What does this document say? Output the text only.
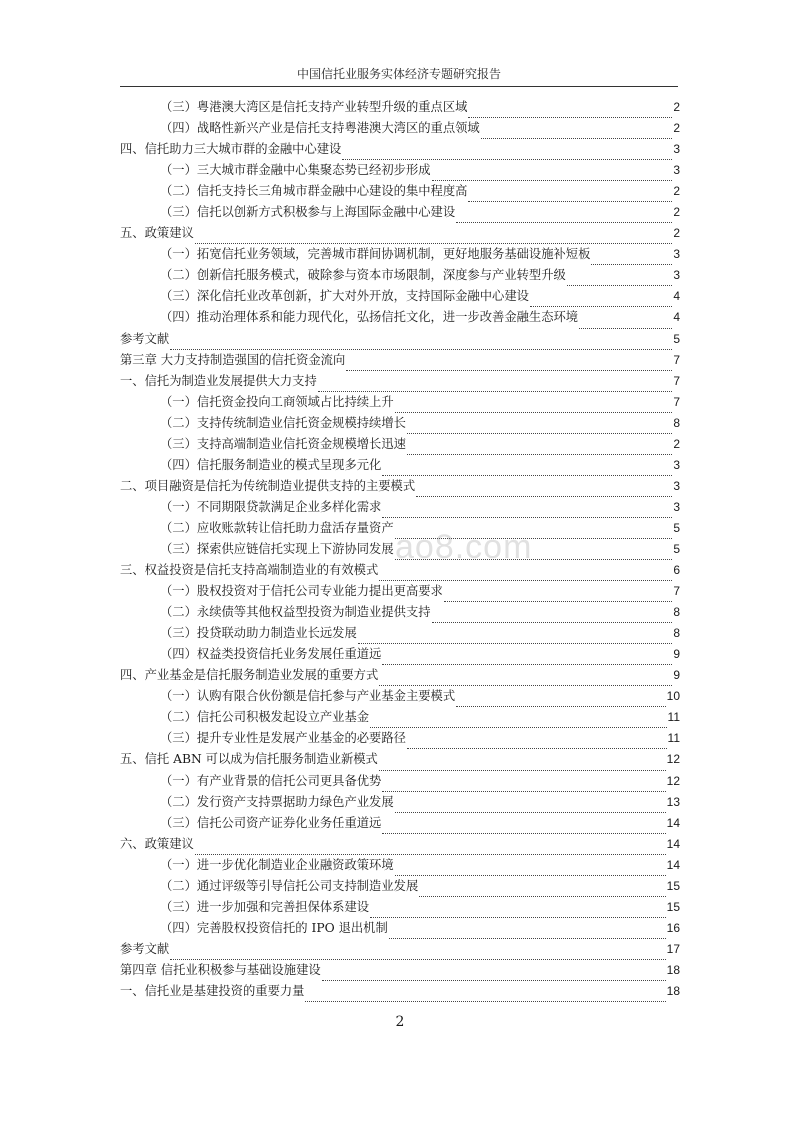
中国信托业服务实体经济专题研究报告
（三）粤港澳大湾区是信托支持产业转型升级的重点区域	2
（四）战略性新兴产业是信托支持粤港澳大湾区的重点领域	2
四、信托助力三大城市群的金融中心建设	3
（一）三大城市群金融中心集聚态势已经初步形成	3
（二）信托支持长三角城市群金融中心建设的集中程度高	2
（三）信托以创新方式积极参与上海国际金融中心建设	2
五、政策建议	2
（一）拓宽信托业务领域，完善城市群间协调机制，更好地服务基础设施补短板	3
（二）创新信托服务模式，破除参与资本市场限制，深度参与产业转型升级	3
（三）深化信托业改革创新，扩大对外开放，支持国际金融中心建设	4
（四）推动治理体系和能力现代化，弘扬信托文化，进一步改善金融生态环境	4
参考文献	5
第三章 大力支持制造强国的信托资金流向	7
一、信托为制造业发展提供大力支持	7
（一）信托资金投向工商领域占比持续上升	7
（二）支持传统制造业信托资金规模持续增长	8
（三）支持高端制造业信托资金规模增长迅速	2
（四）信托服务制造业的模式呈现多元化	3
二、项目融资是信托为传统制造业提供支持的主要模式	3
（一）不同期限贷款满足企业多样化需求	3
（二）应收账款转让信托助力盘活存量资产	5
（三）探索供应链信托实现上下游协同发展	5
三、权益投资是信托支持高端制造业的有效模式	6
（一）股权投资对于信托公司专业能力提出更高要求	7
（二）永续债等其他权益型投资为制造业提供支持	8
（三）投贷联动助力制造业长远发展	8
（四）权益类投资信托业务发展任重道远	9
四、产业基金是信托服务制造业发展的重要方式	9
（一）认购有限合伙份额是信托参与产业基金主要模式	10
（二）信托公司积极发起设立产业基金	11
（三）提升专业性是发展产业基金的必要路径	11
五、信托 ABN 可以成为信托服务制造业新模式	12
（一）有产业背景的信托公司更具备优势	12
（二）发行资产支持票据助力绿色产业发展	13
（三）信托公司资产证券化业务任重道远	14
六、政策建议	14
（一）进一步优化制造业企业融资政策环境	14
（二）通过评级等引导信托公司支持制造业发展	15
（三）进一步加强和完善担保体系建设	15
（四）完善股权投资信托的 IPO 退出机制	16
参考文献	17
第四章 信托业积极参与基础设施建设	18
一、信托业是基建投资的重要力量	18
ao8.com
2
